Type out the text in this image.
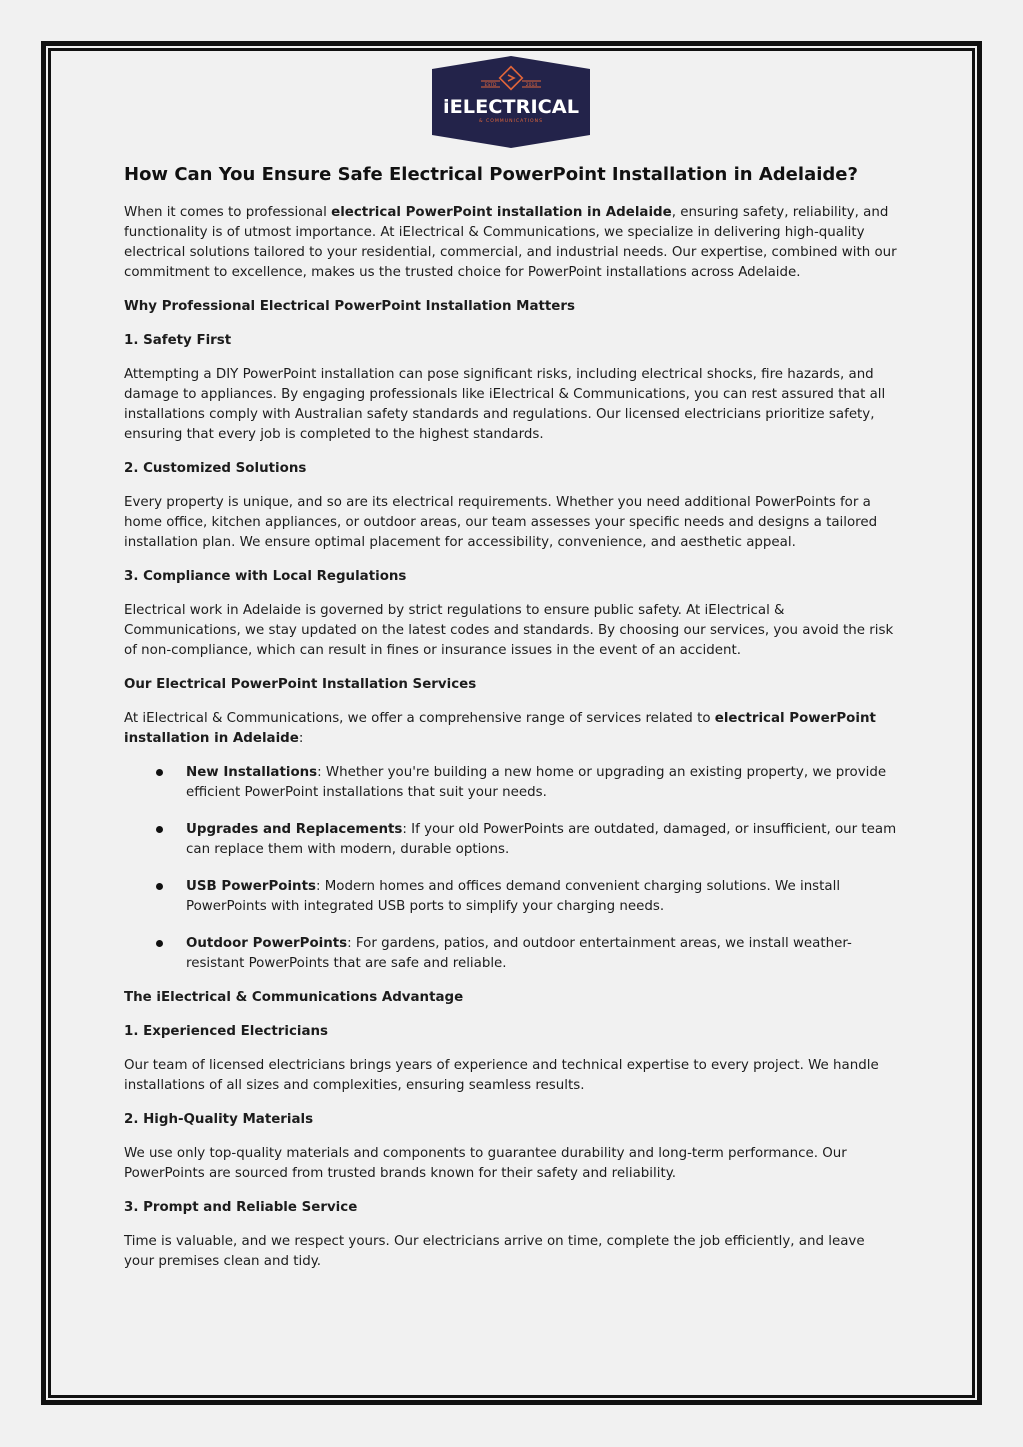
ESTD	2014
iELECTRICAL
& COMMUNICATIONS
How Can You Ensure Safe Electrical PowerPoint Installation in Adelaide?

When it comes to professional electrical PowerPoint installation in Adelaide, ensuring safety, reliability, and functionality is of utmost importance. At iElectrical & Communications, we specialize in delivering high-quality electrical solutions tailored to your residential, commercial, and industrial needs. Our expertise, combined with our commitment to excellence, makes us the trusted choice for PowerPoint installations across Adelaide.

Why Professional Electrical PowerPoint Installation Matters

1. Safety First

Attempting a DIY PowerPoint installation can pose significant risks, including electrical shocks, fire hazards, and damage to appliances. By engaging professionals like iElectrical & Communications, you can rest assured that all installations comply with Australian safety standards and regulations. Our licensed electricians prioritize safety, ensuring that every job is completed to the highest standards.

2. Customized Solutions

Every property is unique, and so are its electrical requirements. Whether you need additional PowerPoints for a home office, kitchen appliances, or outdoor areas, our team assesses your specific needs and designs a tailored installation plan. We ensure optimal placement for accessibility, convenience, and aesthetic appeal.

3. Compliance with Local Regulations

Electrical work in Adelaide is governed by strict regulations to ensure public safety. At iElectrical & Communications, we stay updated on the latest codes and standards. By choosing our services, you avoid the risk of non-compliance, which can result in fines or insurance issues in the event of an accident.

Our Electrical PowerPoint Installation Services

At iElectrical & Communications, we offer a comprehensive range of services related to electrical PowerPoint installation in Adelaide:

New Installations: Whether you're building a new home or upgrading an existing property, we provide efficient PowerPoint installations that suit your needs.
Upgrades and Replacements: If your old PowerPoints are outdated, damaged, or insufficient, our team can replace them with modern, durable options.
USB PowerPoints: Modern homes and offices demand convenient charging solutions. We install PowerPoints with integrated USB ports to simplify your charging needs.
Outdoor PowerPoints: For gardens, patios, and outdoor entertainment areas, we install weather-resistant PowerPoints that are safe and reliable.

The iElectrical & Communications Advantage

1. Experienced Electricians

Our team of licensed electricians brings years of experience and technical expertise to every project. We handle installations of all sizes and complexities, ensuring seamless results.

2. High-Quality Materials

We use only top-quality materials and components to guarantee durability and long-term performance. Our PowerPoints are sourced from trusted brands known for their safety and reliability.

3. Prompt and Reliable Service

Time is valuable, and we respect yours. Our electricians arrive on time, complete the job efficiently, and leave your premises clean and tidy.
